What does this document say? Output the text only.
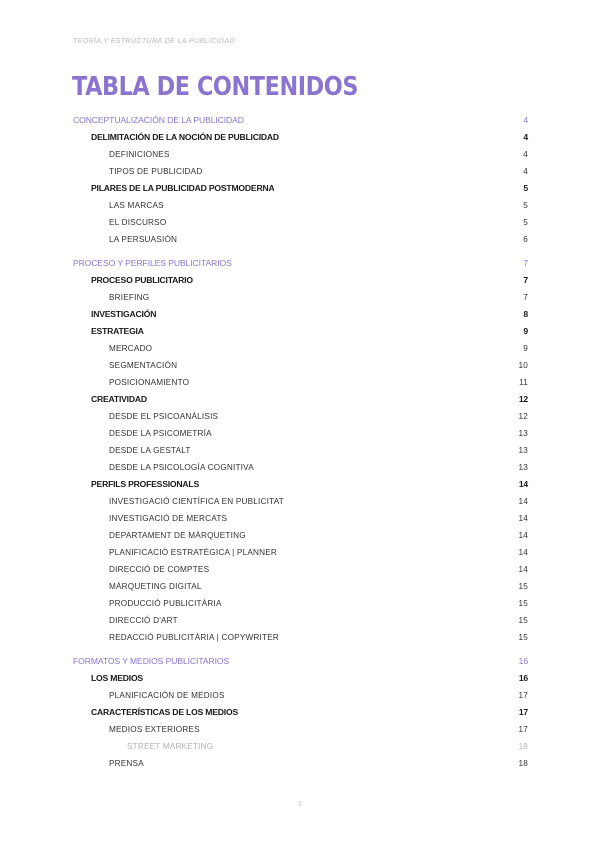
TEORÍA Y ESTRUCTURA DE LA PUBLICIDAD
TABLA DE CONTENIDOS
CONCEPTUALIZACIÓN DE LA PUBLICIDAD	4
DELIMITACIÓN DE LA NOCIÓN DE PUBLICIDAD	4
DEFINICIONES	4
TIPOS DE PUBLICIDAD	4
PILARES DE LA PUBLICIDAD POSTMODERNA	5
LAS MARCAS	5
EL DISCURSO	5
LA PERSUASIÓN	6
PROCESO Y PERFILES PUBLICITARIOS	7
PROCESO PUBLICITARIO	7
BRIEFING	7
INVESTIGACIÓN	8
ESTRATEGIA	9
MERCADO	9
SEGMENTACIÓN	10
POSICIONAMIENTO	11
CREATIVIDAD	12
DESDE EL PSICOANÁLISIS	12
DESDE LA PSICOMETRÍA	13
DESDE LA GESTALT	13
DESDE LA PSICOLOGÍA COGNITIVA	13
PERFILS PROFESSIONALS	14
INVESTIGACIÓ CIENTÍFICA EN PUBLICITAT	14
INVESTIGACIÓ DE MERCATS	14
DEPARTAMENT DE MÀRQUETING	14
PLANIFICACIÓ ESTRATÈGICA | PLANNER	14
DIRECCIÓ DE COMPTES	14
MÀRQUETING DIGITAL	15
PRODUCCIÓ PUBLICITÀRIA	15
DIRECCIÓ D'ART	15
REDACCIÓ PUBLICITÀRIA | COPYWRITER	15
FORMATOS Y MEDIOS PUBLICITARIOS	16
LOS MEDIOS	16
PLANIFICACIÓN DE MEDIOS	17
CARACTERÍSTICAS DE LOS MEDIOS	17
MEDIOS EXTERIORES	17
STREET MARKETING	18
PRENSA	18
2
